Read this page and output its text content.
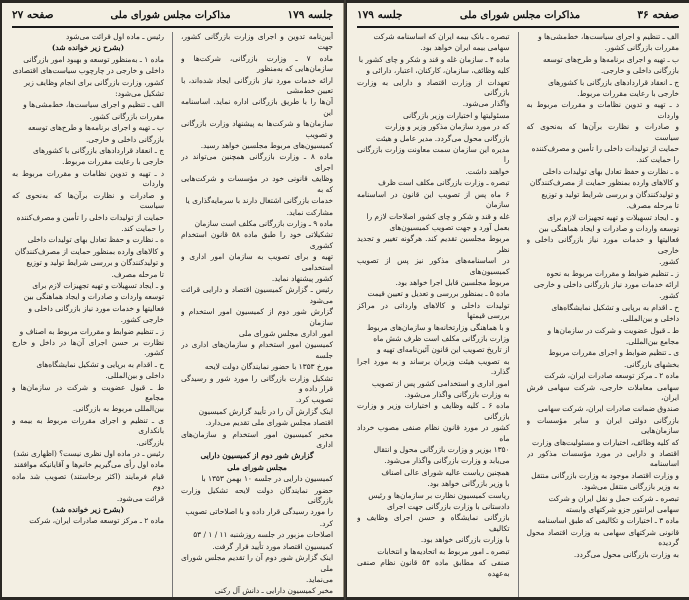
جلسه ۱۷۹
مذاکرات مجلس شورای ملی
صفحه ۲۷

آیین‌نامه تدوین و اجرای وزارت بازرگانی کشور، جهت

ماده ۷ ـ وزارت بازرگانی، شرکت‌ها و سازمان‌هایی که به‌منظور

ارائه خدمات مورد نیاز بازرگانی ایجاد شده‌اند، با تعیین خط‌مشی

آن‌ها را با طریق بازرگانی اداره نماید. اساسنامه این

سازمان‌ها و شرکت‌ها به پیشنهاد وزارت بازرگانی و تصویب

کمیسیون‌های مربوط مجلسین خواهد رسید.

ماده ۸ ـ وزارت بازرگانی همچنین می‌تواند در اجرای

وظایف قانونی خود در مؤسسات و شرکت‌هایی که به

خدمات بازرگانی اشتغال دارند با سرمایه‌گذاری یا

مشارکت نماید.

ماده ۹ ـ وزارت بازرگانی مکلف است سازمان

تشکیلاتی خود را طبق ماده ۵۸ قانون استخدام کشوری

تهیه و برای تصویب به سازمان امور اداری و استخدامی

کشور پیشنهاد نماید.

رئیس ـ گزارش کمیسیون اقتصاد و دارایی قرائت می‌شود

گزارش شور دوم از کمیسیون امور استخدام و سازمان

امور اداری مجلس شورای ملی

کمیسیون امور استخدام و سازمان‌های اداری در جلسه

مورخ ۱۳۵۳ با حضور نمایندگان دولت لایحه

تشکیل وزارت بازرگانی را مورد شور و رسیدگی قرار داده و

تصویب کرد.

اینک گزارش آن را در تأیید گزارش کمیسیون

اقتصاد مجلس شورای ملی تقدیم می‌دارد.

مخبر کمیسیون امور استخدام و سازمان‌های اداری

گزارش شور دوم از کمیسیون دارایی

مجلس شورای ملی

کمیسیون دارایی در جلسه ۱۰ بهمن ۱۳۵۳ با

حضور نمایندگان دولت لایحه تشکیل وزارت بازرگانی

را مورد رسیدگی قرار داده و با اصلاحاتی تصویب

کرد.

اصلاحات مزبور در جلسه روزشنبه ۱۱ / ۱ / ۵۳

کمیسیون اقتصاد مورد تأیید قرار گرفت.

اینک گزارش شور دوم آن را تقدیم مجلس شورای ملی

می‌نماید.

مخبر کمیسیون دارایی ـ دانش آل رکنی

رئیس ـ ماده اول قرائت می‌شود

(بشرح زیر خوانده شد)

ماده ۱ ـ به‌منظور توسعه و بهبود امور بازرگانی

داخلی و خارجی در چارچوب سیاست‌های اقتصادی

کشور، وزارت بازرگانی برای انجام وظایف زیر

تشکیل می‌شود:

الف ـ تنظیم و اجرای سیاست‌ها، خط‌مشی‌ها و

مقررات بازرگانی کشور.

ب ـ تهیه و اجرای برنامه‌ها و طرح‌های توسعه

بازرگانی داخلی و خارجی.

ج ـ انعقاد قراردادهای بازرگانی با کشورهای

خارجی با رعایت مقررات مربوط.

د ـ تهیه و تدوین نظامات و مقررات مربوط به واردات

و صادرات و نظارت برآن‌ها که به‌نحوی که سیاست

حمایت از تولیدات داخلی را تأمین و مصرف‌کننده

را حمایت کند.

ه ـ نظارت و حفظ تعادل بهای تولیدات داخلی

و کالاهای وارده بمنظور حمایت از مصرف‌کنندگان

و تولیدکنندگان و بررسی شرایط تولید و توزیع

تا مرحله مصرف.

و ـ ایجاد تسهیلات و تهیه تجهیزات لازم برای

توسعه واردات و صادرات و ایجاد هماهنگی بین

فعالیتها و خدمات مورد نیاز بازرگانی داخلی و

خارجی کشور.

ز ـ تنظیم ضوابط و مقررات مربوط به اصناف و

نظارت بر حسن اجرای آن‌ها در داخل و خارج کشور.

ح ـ اقدام به برپایی و تشکیل نمایشگاه‌های

داخلی و بین‌المللی.

ط ـ قبول عضویت و شرکت در سازمان‌ها و مجامع

بین‌المللی مربوط به بازرگانی.

ی ـ تنظیم و اجرای مقررات مربوط به بیمه و بانکداری

بازرگانی.

رئیس ـ در ماده اول نظری نیست؟ (اظهاری نشد)

ماده اول رأی می‌گیریم خانم‌ها و آقایانیکه موافقند

قیام فرمایند (اکثر برخاستند) تصویب شد ماده دوم

قرائت می‌شود.

(بشرح زیر خوانده شد)

ماده ۲ ـ مرکز توسعه صادرات ایران، شرکت

صفحه ۳۶
مذاکرات مجلس شورای ملی
جلسه ۱۷۹

الف ـ تنظیم و اجرای سیاست‌ها، خط‌مشی‌ها و

مقررات بازرگانی کشور.

ب ـ تهیه و اجرای برنامه‌ها و طرح‌های توسعه

بازرگانی داخلی و خارجی.

ج ـ انعقاد قراردادهای بازرگانی با کشورهای

خارجی با رعایت مقررات مربوط.

د ـ تهیه و تدوین نظامات و مقررات مربوط به واردات

و صادرات و نظارت برآن‌ها که به‌نحوی که سیاست

حمایت از تولیدات داخلی را تأمین و مصرف‌کننده

را حمایت کند.

ه ـ نظارت و حفظ تعادل بهای تولیدات داخلی

و کالاهای وارده بمنظور حمایت از مصرف‌کنندگان

و تولیدکنندگان و بررسی شرایط تولید و توزیع

تا مرحله مصرف.

و ـ ایجاد تسهیلات و تهیه تجهیزات لازم برای

توسعه واردات و صادرات و ایجاد هماهنگی بین

فعالیتها و خدمات مورد نیاز بازرگانی داخلی و خارجی

کشور.

ز ـ تنظیم ضوابط و مقررات مربوط به نحوه

ارائه خدمات مورد نیاز بازرگانی داخلی و خارجی

کشور.

ح ـ اقدام به برپایی و تشکیل نمایشگاه‌های

داخلی و بین‌المللی.

ط ـ قبول عضویت و شرکت در سازمان‌ها و

مجامع بین‌المللی.

ی ـ تنظیم ضوابط و اجرای مقررات مربوط

بخشهای بازرگانی.

ماده ۲ ـ مرکز توسعه صادرات ایران، شرکت

سهامی معاملات خارجی، شرکت سهامی فرش ایران،

صندوق ضمانت صادرات ایران، شرکت سهامی

بازرگانی دولتی ایران و سایر مؤسسات و سازمان‌هایی

که کلیه وظائف، اختیارات و مسئولیت‌های وزارت

اقتصاد و دارایی در مورد مؤسسات مذکور در اساسنامه

و وزارت اقتصاد موجود به وزارت بازرگانی منتقل

به وزیر بازرگانی منتقل می‌شود.

تبصره ـ شرکت حمل و نقل ایران و شرکت

سهامی ایرانتور جزو شرکتهای وابسته

ماده ۳ ـ اختیارات و تکالیفی که طبق اساسنامه

قانونی شرکتهای سهامی به وزارت اقتصاد محول گردیده

به وزارت بازرگانی محول می‌گردد.

تبصره ـ بانک بیمه ایران که اساسنامه شرکت

سهامی بیمه ایران خواهد بود.

ماده ۴ ـ سازمان غله و قند و شکر و چای کشور با

کلیه وظائف، سازمان، کارکنان، اعتبار، دارائی و

تعهدات از وزارت اقتصاد و دارایی به وزارت بازرگانی

واگذار می‌شود.

مسئولیتها و اختیارات وزیر بازرگانی

که در مورد سازمان مذکور وزیر و وزارت

بازرگانی محول می‌گردد. مدیر عامل و هیئت

مدیره این سازمان سمت معاونت وزارت بازرگانی را

خواهند داشت.

تبصره ـ وزارت بازرگانی مکلف است ظرف

۶ ماه پس از تصویب این قانون در اساسنامه سازمان

غله و قند و شکر و چای کشور اصلاحات لازم را

بعمل آورد و جهت تصویب کمیسیون‌های

مربوط مجلسین تقدیم کند. هرگونه تغییر و تجدید نظر

در اساسنامه‌های مذکور نیز پس از تصویب کمیسیون‌های

مربوط مجلسین قابل اجرا خواهد بود.

ماده ۵ ـ بمنظور بررسی و تعدیل و تعیین قیمت

تولیدات داخلی و کالاهای وارداتی در مراکز بررسی قیمتها

و با هماهنگی وزارتخانه‌ها و سازمان‌های مربوط

وزارت بازرگانی مکلف است ظرف شش ماه

از تاریخ تصویب این قانون آئین‌نامه‌ای تهیه و

به تصویب هیئت وزیران برساند و به مورد اجرا گذارد.

امور اداری و استخدامی کشور پس از تصویب

به وزارت بازرگانی واگذار می‌شود.

ماده ۶ ـ کلیه وظایف و اختیارات وزیر و وزارت بازرگانی

کشور در مورد قانون نظام صنفی مصوب خرداد ماه

۱۳۵۰ بوزیر و وزارت بازرگانی محول و انتقال

می‌یابد و وزارت بازرگانی واگذار می‌شود.

همچنین ریاست عالیه شورای عالی اصناف

با وزیر بازرگانی خواهد بود.

ریاست کمیسیون نظارت بر سازمان‌ها و رئیس

دادستانی با وزارت بازرگانی جهت اجرای

بازرگانی نمایشگاه و حسن اجرای وظایف و تکالیف

با وزارت بازرگانی خواهد بود.

تبصره ـ امور مربوط به اتحادیه‌ها و انتخابات

صنفی که مطابق ماده ۵۴ قانون نظام صنفی به‌عهده
